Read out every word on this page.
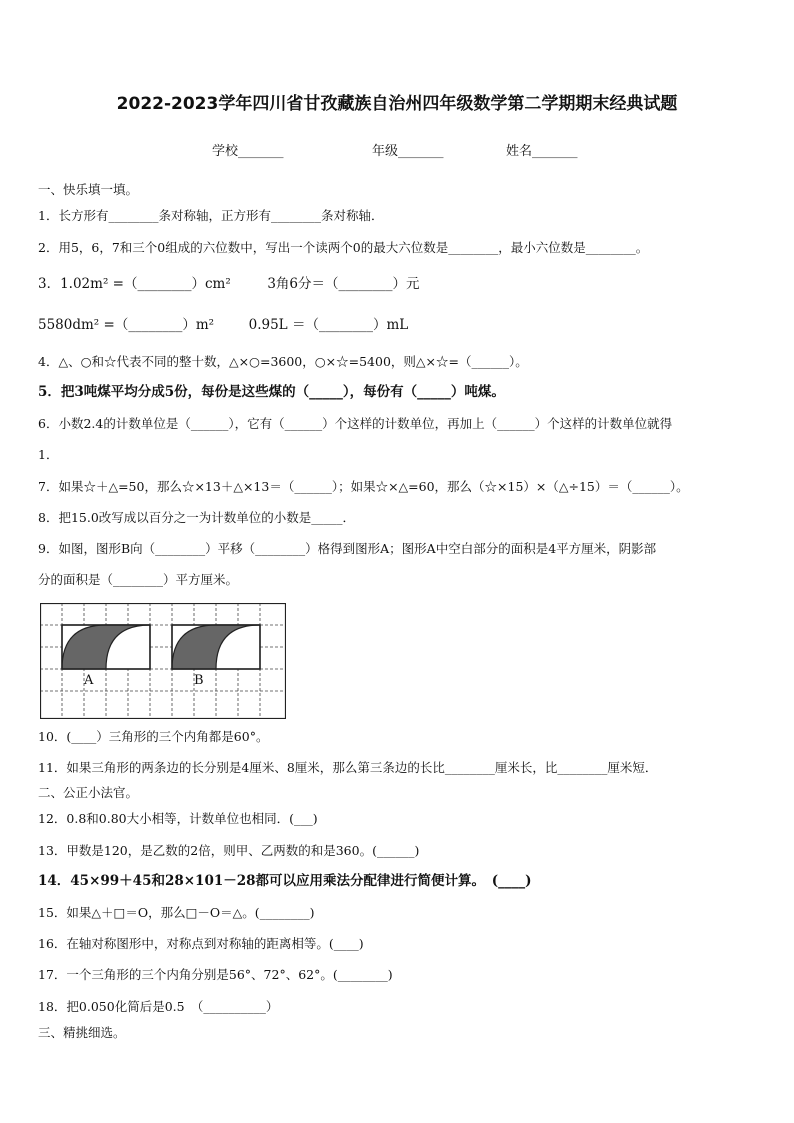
2022-2023学年四川省甘孜藏族自治州四年级数学第二学期期末经典试题
学校_______	年级_______	姓名_______
一、快乐填一填。
1．长方形有________条对称轴，正方形有________条对称轴．
2．用5，6，7和三个0组成的六位数中，写出一个读两个0的最大六位数是________，最小六位数是________。
3．1.02m² =（________）cm²	3角6分＝（________）元
5580dm² =（________）m²	0.95L ＝（________）mL
4．△、○和☆代表不同的整十数，△×○=3600，○×☆=5400，则△×☆=（______）。
5．把3吨煤平均分成5份，每份是这些煤的（_____），每份有（_____）吨煤。
6．小数2.4的计数单位是（______），它有（______）个这样的计数单位，再加上（______）个这样的计数单位就得
1．
7．如果☆＋△=50，那么☆×13＋△×13＝（______）；如果☆×△=60，那么（☆×15）×（△÷15）＝（______）。
8．把15.0改写成以百分之一为计数单位的小数是_____．
9．如图，图形B向（________）平移（________）格得到图形A；图形A中空白部分的面积是4平方厘米，阴影部
分的面积是（________）平方厘米。
A	B
10．(____）三角形的三个内角都是60°。
11．如果三角形的两条边的长分别是4厘米、8厘米，那么第三条边的长比________厘米长，比________厘米短．
二、公正小法官。
12．0.8和0.80大小相等，计数单位也相同．(___)
13．甲数是120，是乙数的2倍，则甲、乙两数的和是360。(______)
14．45×99＋45和28×101－28都可以应用乘法分配律进行简便计算。　(____)
15．如果△＋□＝O，那么□－O＝△。(________)
16．在轴对称图形中，对称点到对称轴的距离相等。(____)
17．一个三角形的三个内角分别是56°、72°、62°。(________)
18．把0.050化简后是0.5　（__________）
三、精挑细选。
